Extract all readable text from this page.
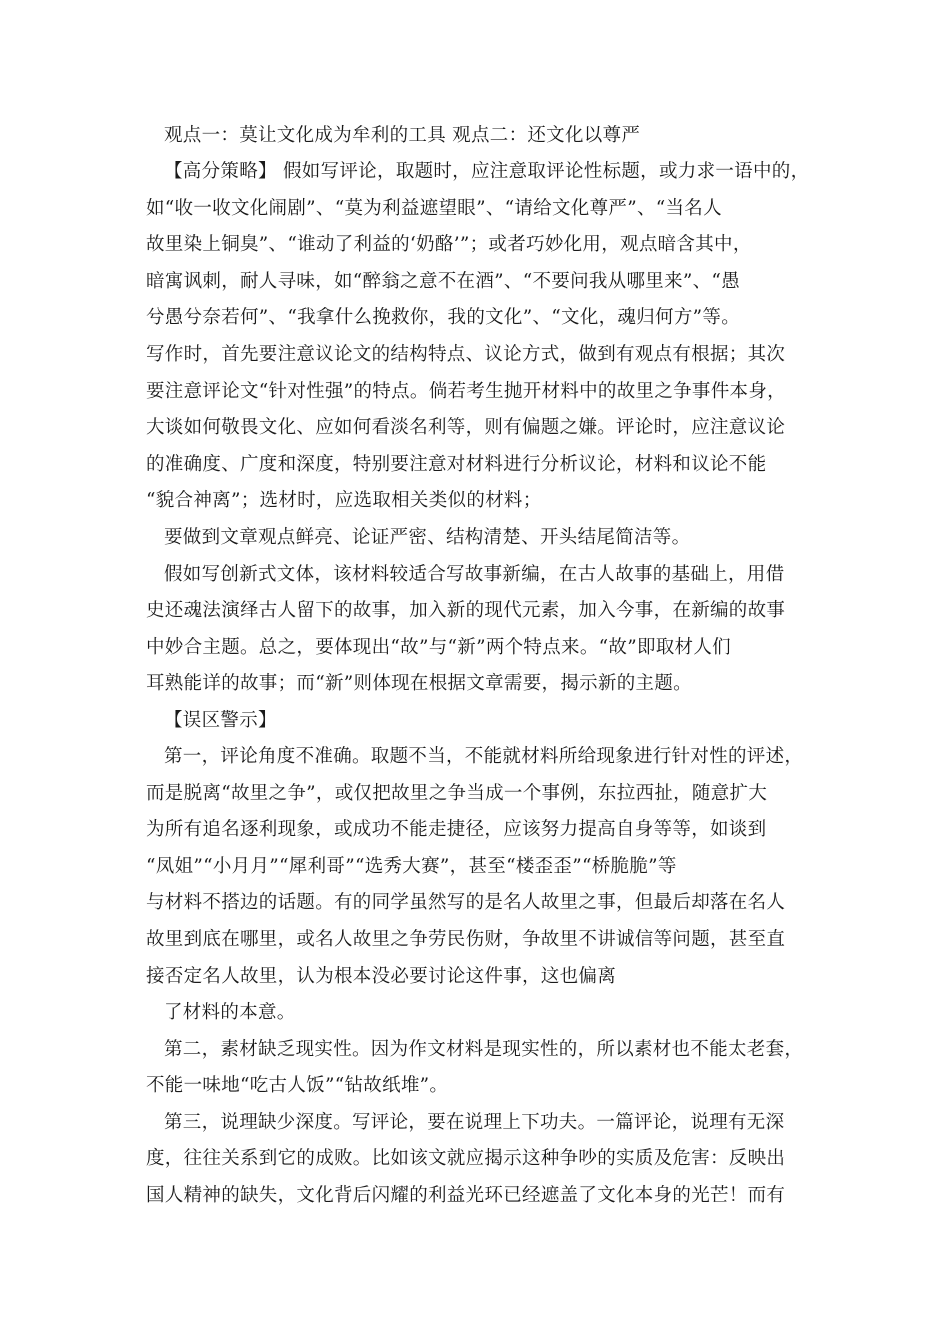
观点一：莫让文化成为牟利的工具 观点二：还文化以尊严
【高分策略】 假如写评论，取题时，应注意取评论性标题，或力求一语中的，
如“收一收文化闹剧”、“莫为利益遮望眼”、“请给文化尊严”、“当名人
故里染上铜臭”、“谁动了利益的‘奶酪’”；或者巧妙化用，观点暗含其中，
暗寓讽刺，耐人寻味，如“醉翁之意不在酒”、“不要问我从哪里来”、“愚
兮愚兮奈若何”、“我拿什么挽救你，我的文化”、“文化，魂归何方”等。
写作时，首先要注意议论文的结构特点、议论方式，做到有观点有根据；其次
要注意评论文“针对性强”的特点。倘若考生抛开材料中的故里之争事件本身，
大谈如何敬畏文化、应如何看淡名利等，则有偏题之嫌。评论时，应注意议论
的准确度、广度和深度，特别要注意对材料进行分析议论，材料和议论不能
“貌合神离”；选材时，应选取相关类似的材料；
要做到文章观点鲜亮、论证严密、结构清楚、开头结尾简洁等。
假如写创新式文体，该材料较适合写故事新编，在古人故事的基础上，用借
史还魂法演绎古人留下的故事，加入新的现代元素，加入今事，在新编的故事
中妙合主题。总之，要体现出“故”与“新”两个特点来。“故”即取材人们
耳熟能详的故事；而“新”则体现在根据文章需要，揭示新的主题。
【误区警示】
第一，评论角度不准确。取题不当，不能就材料所给现象进行针对性的评述，
而是脱离“故里之争”，或仅把故里之争当成一个事例，东拉西扯，随意扩大
为所有追名逐利现象，或成功不能走捷径，应该努力提高自身等等，如谈到
“凤姐”“小月月”“犀利哥”“选秀大赛”，甚至“楼歪歪”“桥脆脆”等
与材料不搭边的话题。有的同学虽然写的是名人故里之事，但最后却落在名人
故里到底在哪里，或名人故里之争劳民伤财，争故里不讲诚信等问题，甚至直
接否定名人故里，认为根本没必要讨论这件事，这也偏离
了材料的本意。
第二，素材缺乏现实性。因为作文材料是现实性的，所以素材也不能太老套，
不能一味地“吃古人饭”“钻故纸堆”。
第三，说理缺少深度。写评论，要在说理上下功夫。一篇评论，说理有无深
度，往往关系到它的成败。比如该文就应揭示这种争吵的实质及危害：反映出
国人精神的缺失，文化背后闪耀的利益光环已经遮盖了文化本身的光芒！而有
